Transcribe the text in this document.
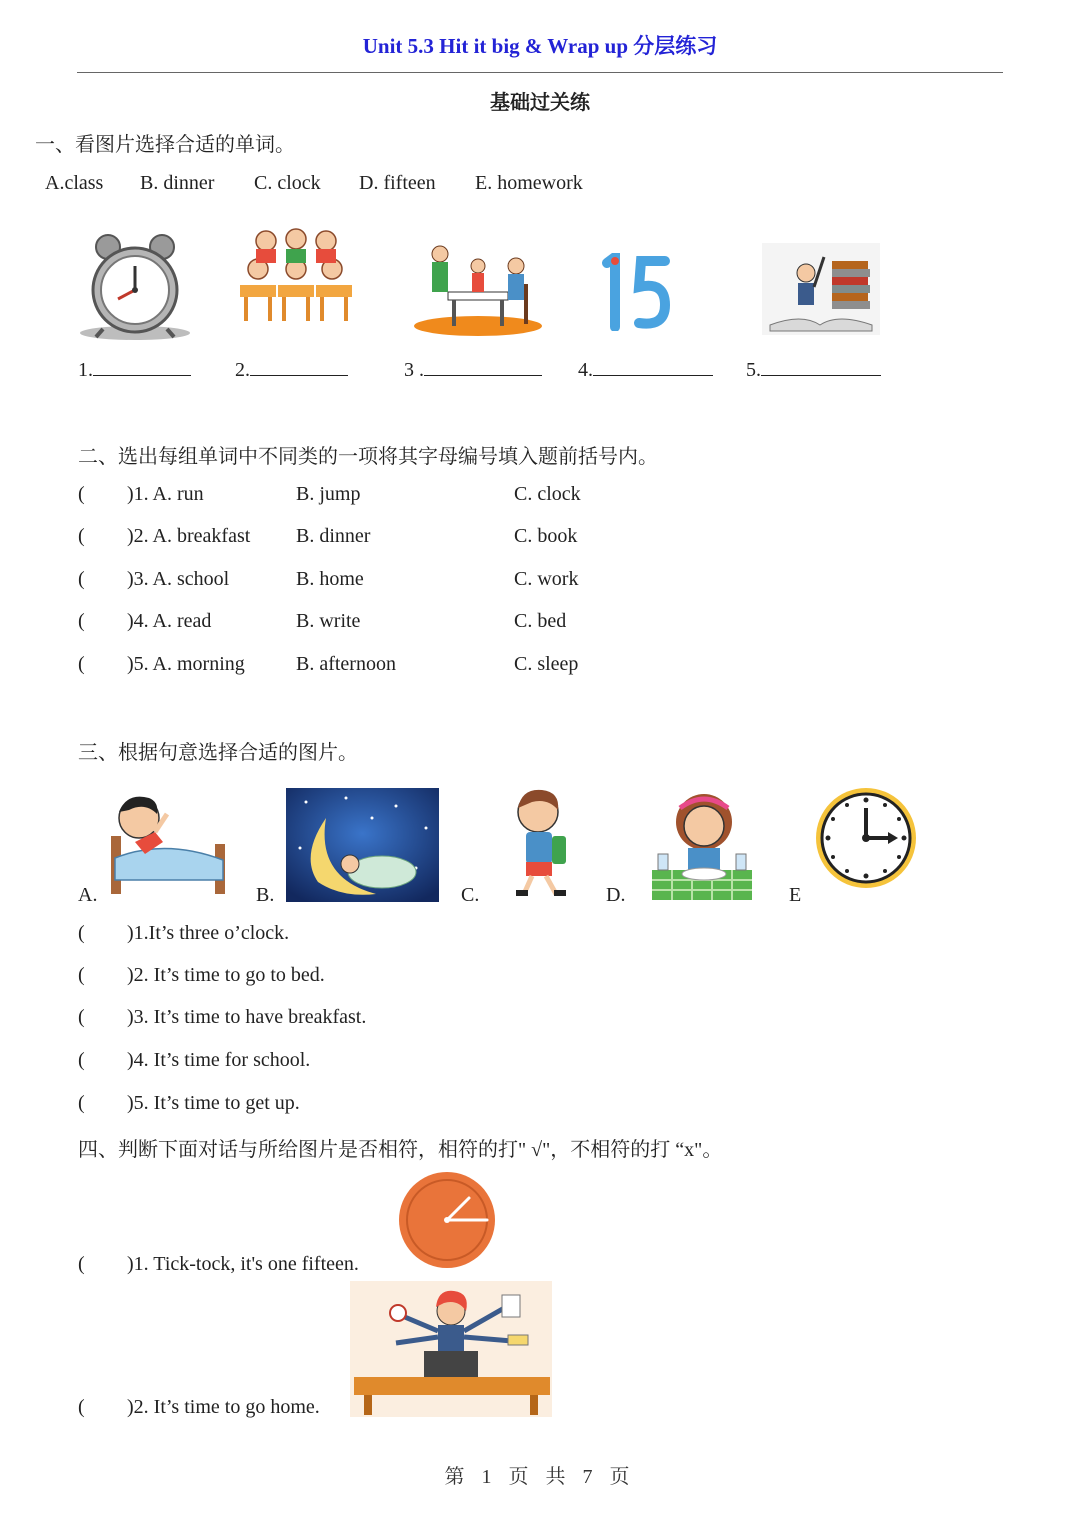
Unit 5.3 Hit it big & Wrap up 分层练习
基础过关练
一、看图片选择合适的单词。
A.class B. dinner C. clock D. fifteen E. homework
1.	2.	3 .	4.	5.
二、选出每组单词中不同类的一项将其字母编号填入题前括号内。
( )1. A. run	B. jump	C. clock
( )2. A. breakfast B. dinner	C. book
( )3. A. school	B. home	C. work
( )4. A. read	B. write	C. bed
( )5. A. morning	B. afternoon	C. sleep
三、根据句意选择合适的图片。
A.	B.	C.	D.	E
( )1.It’s three o’clock.
( )2. It’s time to go to bed.
( )3. It’s time to have breakfast.
( )4. It’s time for school.
( )5. It’s time to get up.
四、判断下面对话与所给图片是否相符，相符的打" √"，不相符的打 “x"。
( )1. Tick-tock, it's one fifteen.
( )2. It’s time to go home.
第 1 页 共 7 页
